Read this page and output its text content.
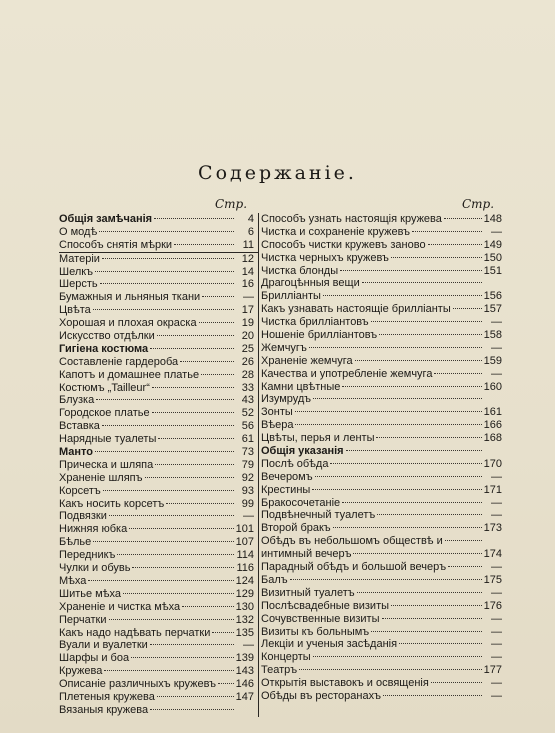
Содержаніе.
Стр.	Стр.
Общія замѣчанія	4
О модѣ	6
Способъ снятія мѣрки	11
Матеріи	12
Шелкъ	14
Шерсть	16
Бумажныя и льняныя ткани	—
Цвѣта	17
Хорошая и плохая окраска	19
Искусство отдѣлки	20
Гигіена костюма	25
Составленіе гардероба	26
Капотъ и домашнее платье	28
Костюмъ „Tailleur“	33
Блузка	43
Городское платье	52
Вставка	56
Нарядные туалеты	61
Манто	73
Прическа и шляпа	79
Храненіе шляпъ	92
Корсетъ	93
Какъ носить корсетъ	99
Подвязки	—
Нижняя юбка	101
Бѣлье	107
Передникъ	114
Чулки и обувь	116
Мѣха	124
Шитье мѣха	129
Храненіе и чистка мѣха	130
Перчатки	132
Какъ надо надѣвать перчатки 135
Вуали и вуалетки	—
Шарфы и боа	139
Кружева	143
Описаніе различныхъ кружевъ 146
Плетеныя кружева	147
Вязаныя кружева
Способъ узнать настоящія кружева	148
Чистка и сохраненіе кружевъ	—
Способъ чистки кружевъ заново	149
Чистка черныхъ кружевъ	150
Чистка блонды	151
Драгоцѣнныя вещи
Брилліанты	156
Какъ узнавать настоящіе брилліанты	157
Чистка брилліантовъ	—
Ношеніе брилліантовъ	158
Жемчугъ	—
Храненіе жемчуга	159
Качества и употребленіе жемчуга	—
Камни цвѣтные	160
Изумрудъ
Зонты	161
Вѣера	166
Цвѣты, перья и ленты	168
Общія указанія
Послѣ обѣда	170
Вечеромъ	—
Крестины	171
Бракосочетаніе	—
Подвѣнечный туалетъ	—
Второй бракъ	173
Обѣдъ въ небольшомъ обществѣ и
интимный вечеръ	174
Парадный обѣдъ и большой вечеръ	—
Балъ	175
Визитный туалетъ	—
Послѣсвадебные визиты	176
Сочувственные визиты	—
Визиты къ больнымъ	—
Лекціи и ученыя засѣданія	—
Концерты	—
Театръ	177
Открытія выставокъ и освященія	—
Обѣды въ ресторанахъ	—
